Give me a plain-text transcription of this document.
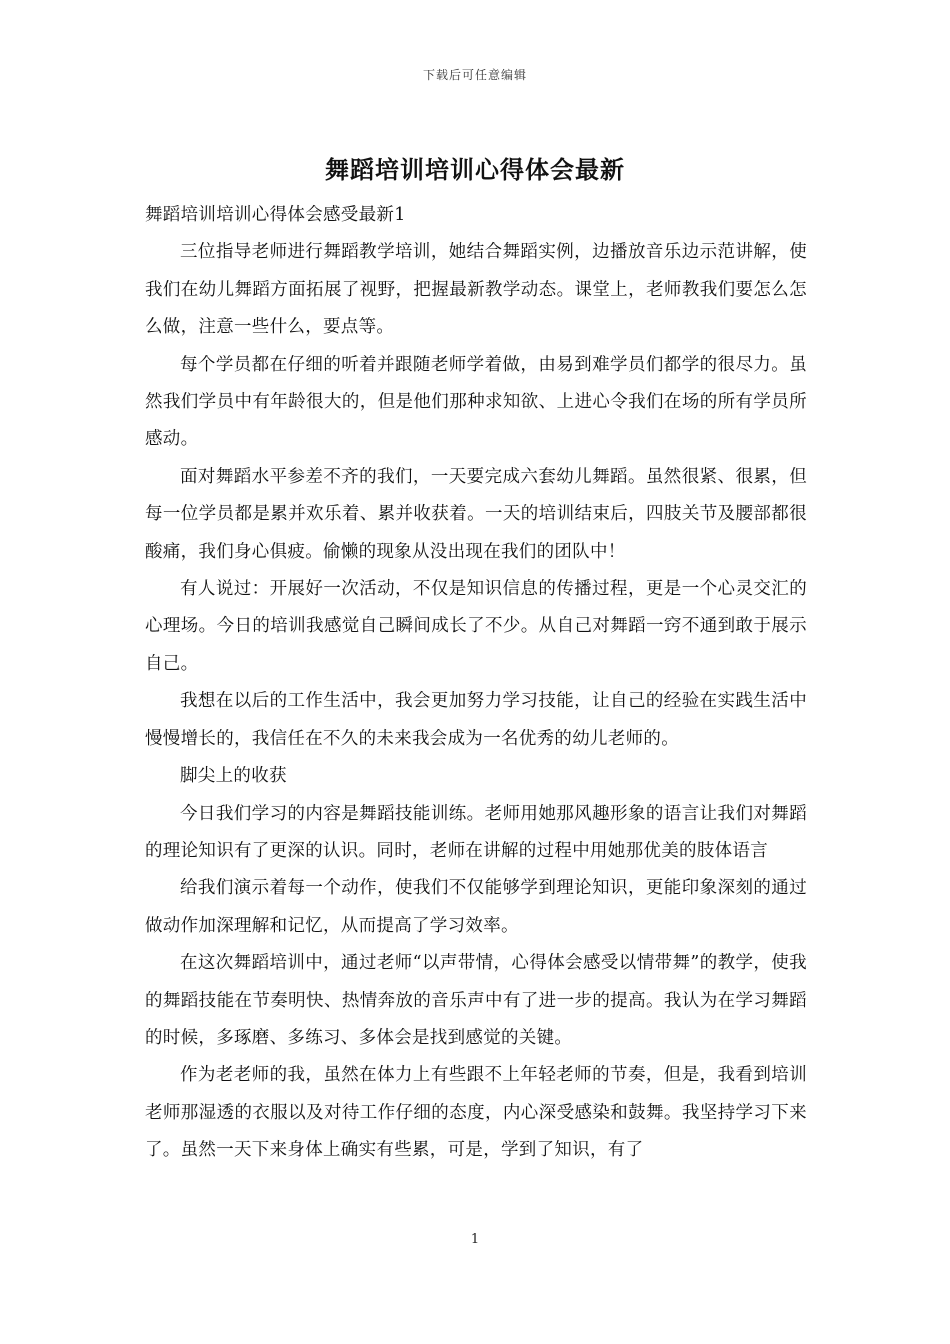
下载后可任意编辑
舞蹈培训培训心得体会最新

舞蹈培训培训心得体会感受最新1

三位指导老师进行舞蹈教学培训，她结合舞蹈实例，边播放音乐边示范讲解，使我们在幼儿舞蹈方面拓展了视野，把握最新教学动态。课堂上，老师教我们要怎么怎么做，注意一些什么，要点等。

每个学员都在仔细的听着并跟随老师学着做，由易到难学员们都学的很尽力。虽然我们学员中有年龄很大的，但是他们那种求知欲、上进心令我们在场的所有学员所感动。

面对舞蹈水平参差不齐的我们，一天要完成六套幼儿舞蹈。虽然很紧、很累，但每一位学员都是累并欢乐着、累并收获着。一天的培训结束后，四肢关节及腰部都很酸痛，我们身心俱疲。偷懒的现象从没出现在我们的团队中！

有人说过：开展好一次活动，不仅是知识信息的传播过程，更是一个心灵交汇的心理场。今日的培训我感觉自己瞬间成长了不少。从自己对舞蹈一窍不通到敢于展示自己。

我想在以后的工作生活中，我会更加努力学习技能，让自己的经验在实践生活中慢慢增长的，我信任在不久的未来我会成为一名优秀的幼儿老师的。

脚尖上的收获

今日我们学习的内容是舞蹈技能训练。老师用她那风趣形象的语言让我们对舞蹈的理论知识有了更深的认识。同时，老师在讲解的过程中用她那优美的肢体语言

给我们演示着每一个动作，使我们不仅能够学到理论知识，更能印象深刻的通过做动作加深理解和记忆，从而提高了学习效率。

在这次舞蹈培训中，通过老师“以声带情，心得体会感受以情带舞”的教学，使我的舞蹈技能在节奏明快、热情奔放的音乐声中有了进一步的提高。我认为在学习舞蹈的时候，多琢磨、多练习、多体会是找到感觉的关键。

作为老老师的我，虽然在体力上有些跟不上年轻老师的节奏，但是，我看到培训老师那湿透的衣服以及对待工作仔细的态度，内心深受感染和鼓舞。我坚持学习下来了。虽然一天下来身体上确实有些累，可是，学到了知识，有了

1
